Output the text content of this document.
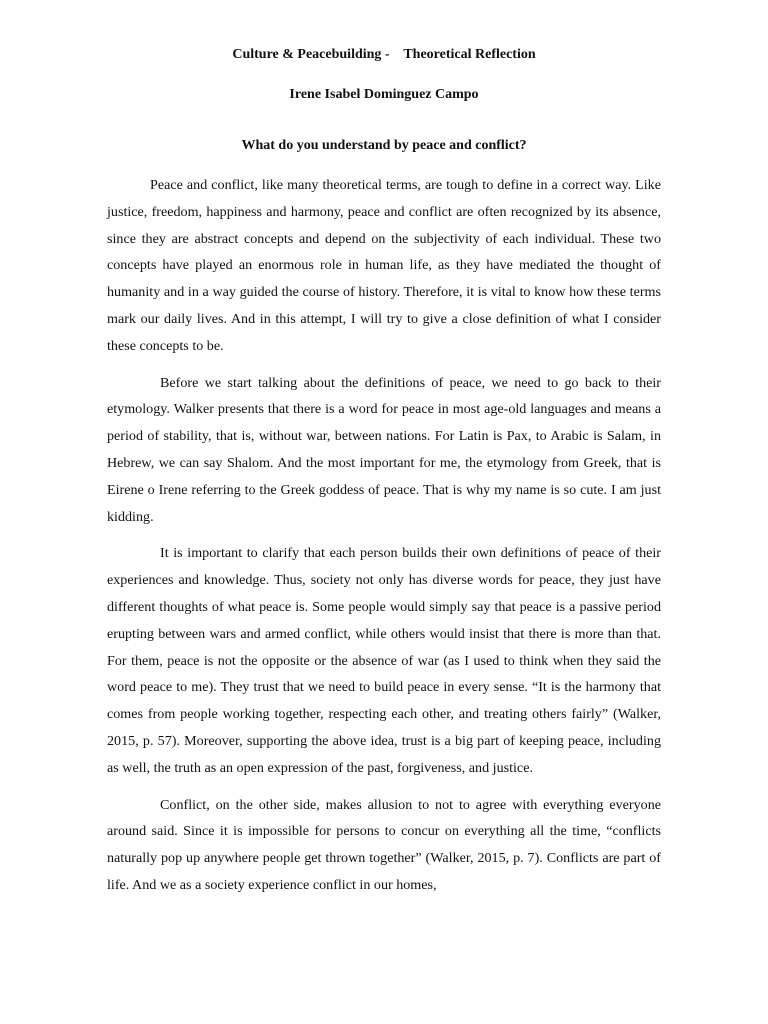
Culture & Peacebuilding -    Theoretical Reflection
Irene Isabel Dominguez Campo
What do you understand by peace and conflict?

Peace and conflict, like many theoretical terms, are tough to define in a correct way. Like justice, freedom, happiness and harmony, peace and conflict are often recognized by its absence, since they are abstract concepts and depend on the subjectivity of each individual. These two concepts have played an enormous role in human life, as they have mediated the thought of humanity and in a way guided the course of history. Therefore, it is vital to know how these terms mark our daily lives. And in this attempt, I will try to give a close definition of what I consider these concepts to be.

Before we start talking about the definitions of peace, we need to go back to their etymology. Walker presents that there is a word for peace in most age-old languages and means a period of stability, that is, without war, between nations. For Latin is Pax, to Arabic is Salam, in Hebrew, we can say Shalom. And the most important for me, the etymology from Greek, that is Eirene o Irene referring to the Greek goddess of peace. That is why my name is so cute. I am just kidding.

It is important to clarify that each person builds their own definitions of peace of their experiences and knowledge. Thus, society not only has diverse words for peace, they just have different thoughts of what peace is. Some people would simply say that peace is a passive period erupting between wars and armed conflict, while others would insist that there is more than that. For them, peace is not the opposite or the absence of war (as I used to think when they said the word peace to me). They trust that we need to build peace in every sense. “It is the harmony that comes from people working together, respecting each other, and treating others fairly” (Walker, 2015, p. 57). Moreover, supporting the above idea, trust is a big part of keeping peace, including as well, the truth as an open expression of the past, forgiveness, and justice.

Conflict, on the other side, makes allusion to not to agree with everything everyone around said. Since it is impossible for persons to concur on everything all the time, “conflicts naturally pop up anywhere people get thrown together” (Walker, 2015, p. 7). Conflicts are part of life. And we as a society experience conflict in our homes,
